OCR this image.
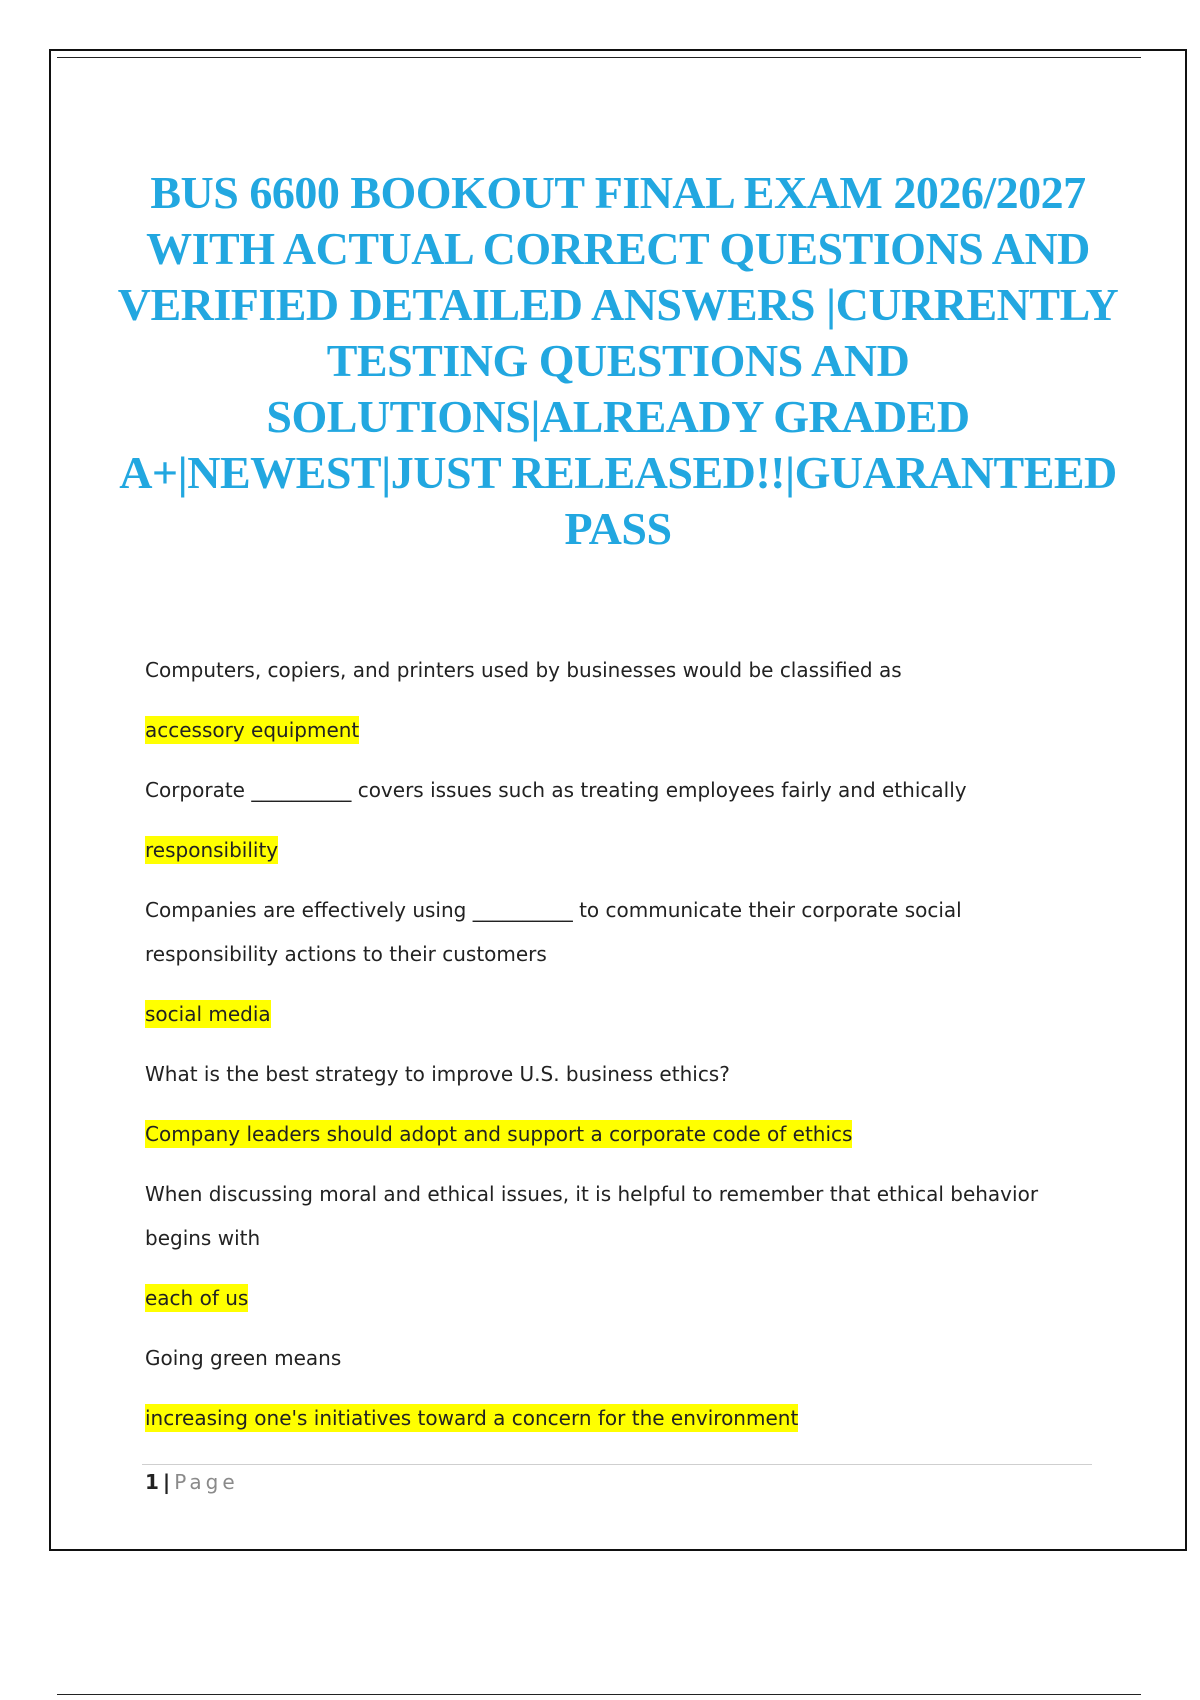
BUS 6600 BOOKOUT FINAL EXAM 2026/2027 WITH ACTUAL CORRECT QUESTIONS AND VERIFIED DETAILED ANSWERS |CURRENTLY TESTING QUESTIONS AND SOLUTIONS|ALREADY GRADED A+|NEWEST|JUST RELEASED!!|GUARANTEED PASS

Computers, copiers, and printers used by businesses would be classified as

accessory equipment

Corporate __________ covers issues such as treating employees fairly and ethically

responsibility

Companies are effectively using __________ to communicate their corporate social responsibility actions to their customers

social media

What is the best strategy to improve U.S. business ethics?

Company leaders should adopt and support a corporate code of ethics

When discussing moral and ethical issues, it is helpful to remember that ethical behavior begins with

each of us

Going green means

increasing one's initiatives toward a concern for the environment

1 | Page
